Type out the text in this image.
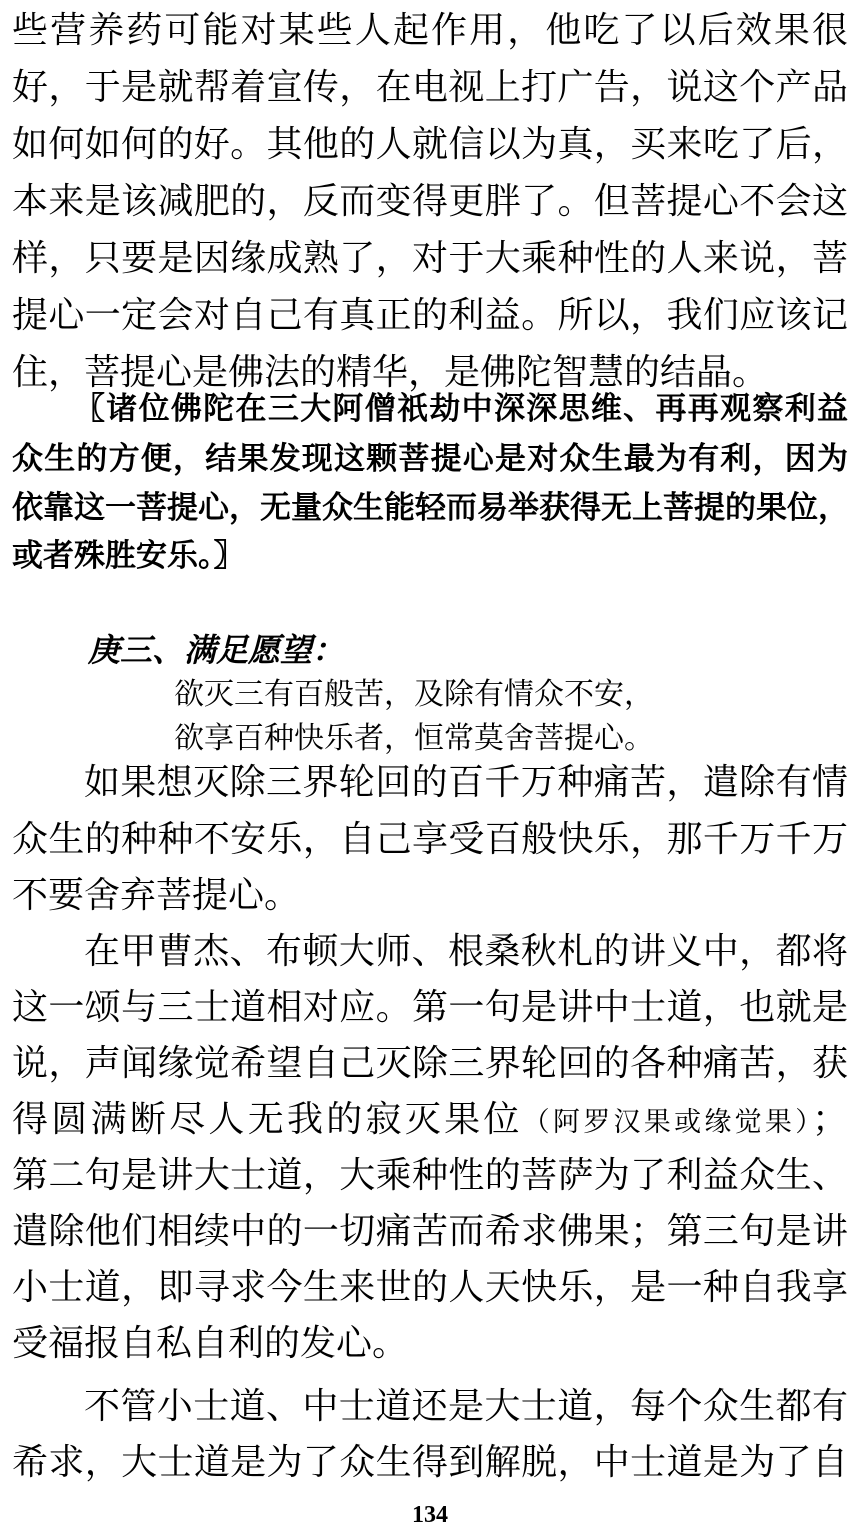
些营养药可能对某些人起作用，他吃了以后效果很

好，于是就帮着宣传，在电视上打广告，说这个产品

如何如何的好。其他的人就信以为真，买来吃了后，

本来是该减肥的，反而变得更胖了。但菩提心不会这

样，只要是因缘成熟了，对于大乘种性的人来说，菩

提心一定会对自己有真正的利益。所以，我们应该记

住，菩提心是佛法的精华，是佛陀智慧的结晶。

〖诸位佛陀在三大阿僧祇劫中深深思维、再再观察利益

众生的方便，结果发现这颗菩提心是对众生最为有利，因为

依靠这一菩提心，无量众生能轻而易举获得无上菩提的果位，

或者殊胜安乐。〗

庚三、满足愿望：
欲灭三有百般苦，及除有情众不安，
欲享百种快乐者，恒常莫舍菩提心。

如果想灭除三界轮回的百千万种痛苦，遣除有情

众生的种种不安乐，自己享受百般快乐，那千万千万

不要舍弃菩提心。

在甲曹杰、布顿大师、根桑秋札的讲义中，都将

这一颂与三士道相对应。第一句是讲中士道，也就是

说，声闻缘觉希望自己灭除三界轮回的各种痛苦，获

得圆满断尽人无我的寂灭果位（阿罗汉果或缘觉果）；

第二句是讲大士道，大乘种性的菩萨为了利益众生、

遣除他们相续中的一切痛苦而希求佛果；第三句是讲

小士道，即寻求今生来世的人天快乐，是一种自我享

受福报自私自利的发心。

不管小士道、中士道还是大士道，每个众生都有

希求，大士道是为了众生得到解脱，中士道是为了自

134
